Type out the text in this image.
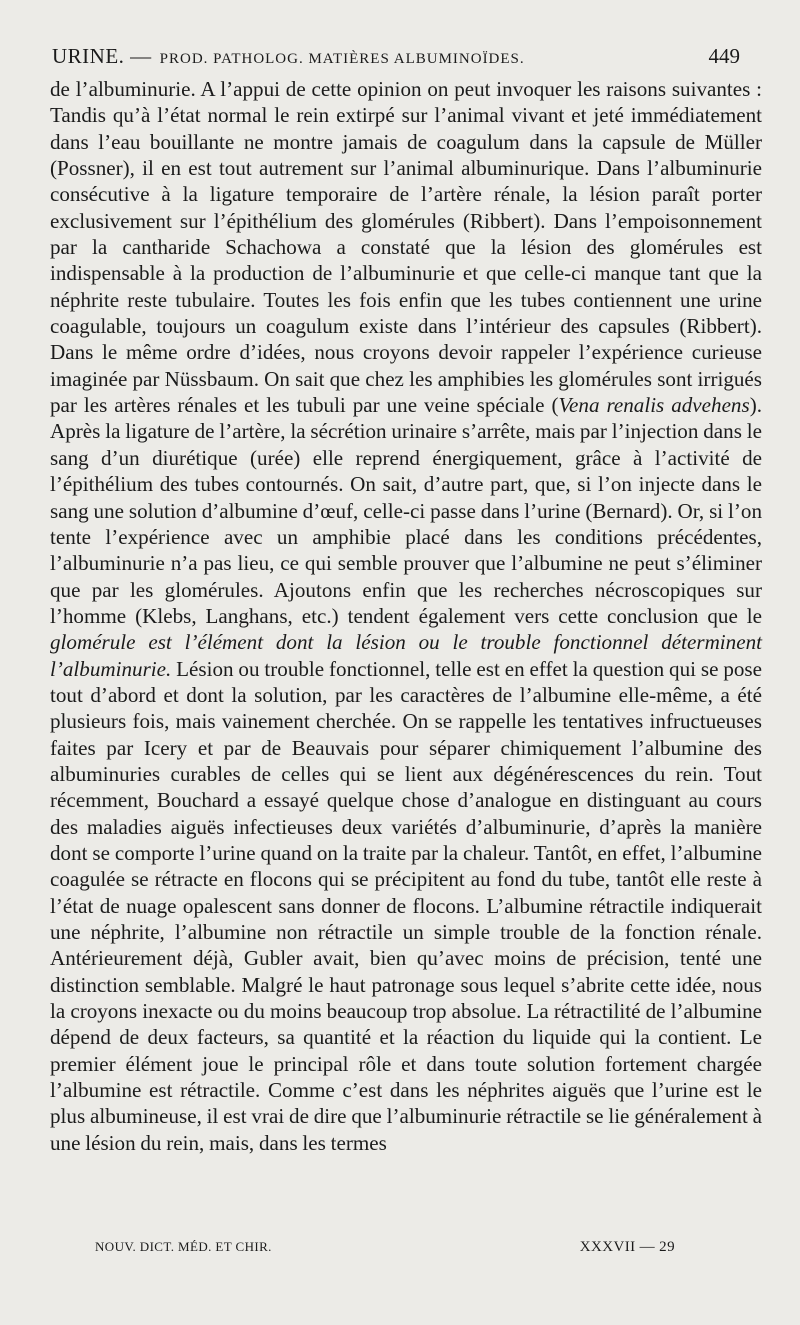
URINE. — PROD. PATHOLOG. MATIÈRES ALBUMINOÏDES.	449

de l’albuminurie. A l’appui de cette opinion on peut invoquer les raisons suivantes : Tandis qu’à l’état normal le rein extirpé sur l’animal vivant et jeté immédiatement dans l’eau bouillante ne montre jamais de coagulum dans la capsule de Müller (Possner), il en est tout autrement sur l’animal albuminurique. Dans l’albuminurie consécutive à la ligature temporaire de l’artère rénale, la lésion paraît porter exclusivement sur l’épithélium des glomérules (Ribbert). Dans l’empoisonnement par la cantharide Schachowa a constaté que la lésion des glomérules est indispensable à la production de l’albuminurie et que celle-ci manque tant que la néphrite reste tubulaire. Toutes les fois enfin que les tubes contiennent une urine coagulable, toujours un coagulum existe dans l’intérieur des capsules (Ribbert). Dans le même ordre d’idées, nous croyons devoir rappeler l’expérience curieuse imaginée par Nüssbaum. On sait que chez les amphibies les glomérules sont irrigués par les artères rénales et les tubuli par une veine spéciale (Vena renalis advehens). Après la ligature de l’artère, la sécrétion urinaire s’arrête, mais par l’injection dans le sang d’un diurétique (urée) elle reprend énergiquement, grâce à l’activité de l’épithélium des tubes contournés. On sait, d’autre part, que, si l’on injecte dans le sang une solution d’albumine d’œuf, celle-ci passe dans l’urine (Bernard). Or, si l’on tente l’expérience avec un amphibie placé dans les conditions précédentes, l’albuminurie n’a pas lieu, ce qui semble prouver que l’albumine ne peut s’éliminer que par les glomérules. Ajoutons enfin que les recherches nécroscopiques sur l’homme (Klebs, Langhans, etc.) tendent également vers cette conclusion que le glomérule est l’élément dont la lésion ou le trouble fonctionnel déterminent l’albuminurie. Lésion ou trouble fonctionnel, telle est en effet la question qui se pose tout d’abord et dont la solution, par les caractères de l’albumine elle-même, a été plusieurs fois, mais vainement cherchée. On se rappelle les tentatives infructueuses faites par Icery et par de Beauvais pour séparer chimiquement l’albumine des albuminuries curables de celles qui se lient aux dégénérescences du rein. Tout récemment, Bouchard a essayé quelque chose d’analogue en distinguant au cours des maladies aiguës infectieuses deux variétés d’albuminurie, d’après la manière dont se comporte l’urine quand on la traite par la chaleur. Tantôt, en effet, l’albumine coagulée se rétracte en flocons qui se précipitent au fond du tube, tantôt elle reste à l’état de nuage opalescent sans donner de flocons. L’albumine rétractile indiquerait une néphrite, l’albumine non rétractile un simple trouble de la fonction rénale. Antérieurement déjà, Gubler avait, bien qu’avec moins de précision, tenté une distinction semblable. Malgré le haut patronage sous lequel s’abrite cette idée, nous la croyons inexacte ou du moins beaucoup trop absolue. La rétractilité de l’albumine dépend de deux facteurs, sa quantité et la réaction du liquide qui la contient. Le premier élément joue le principal rôle et dans toute solution fortement chargée l’albumine est rétractile. Comme c’est dans les néphrites aiguës que l’urine est le plus albumineuse, il est vrai de dire que l’albuminurie rétractile se lie généralement à une lésion du rein, mais, dans les termes

NOUV. DICT. MÉD. ET CHIR.	XXXVII — 29
